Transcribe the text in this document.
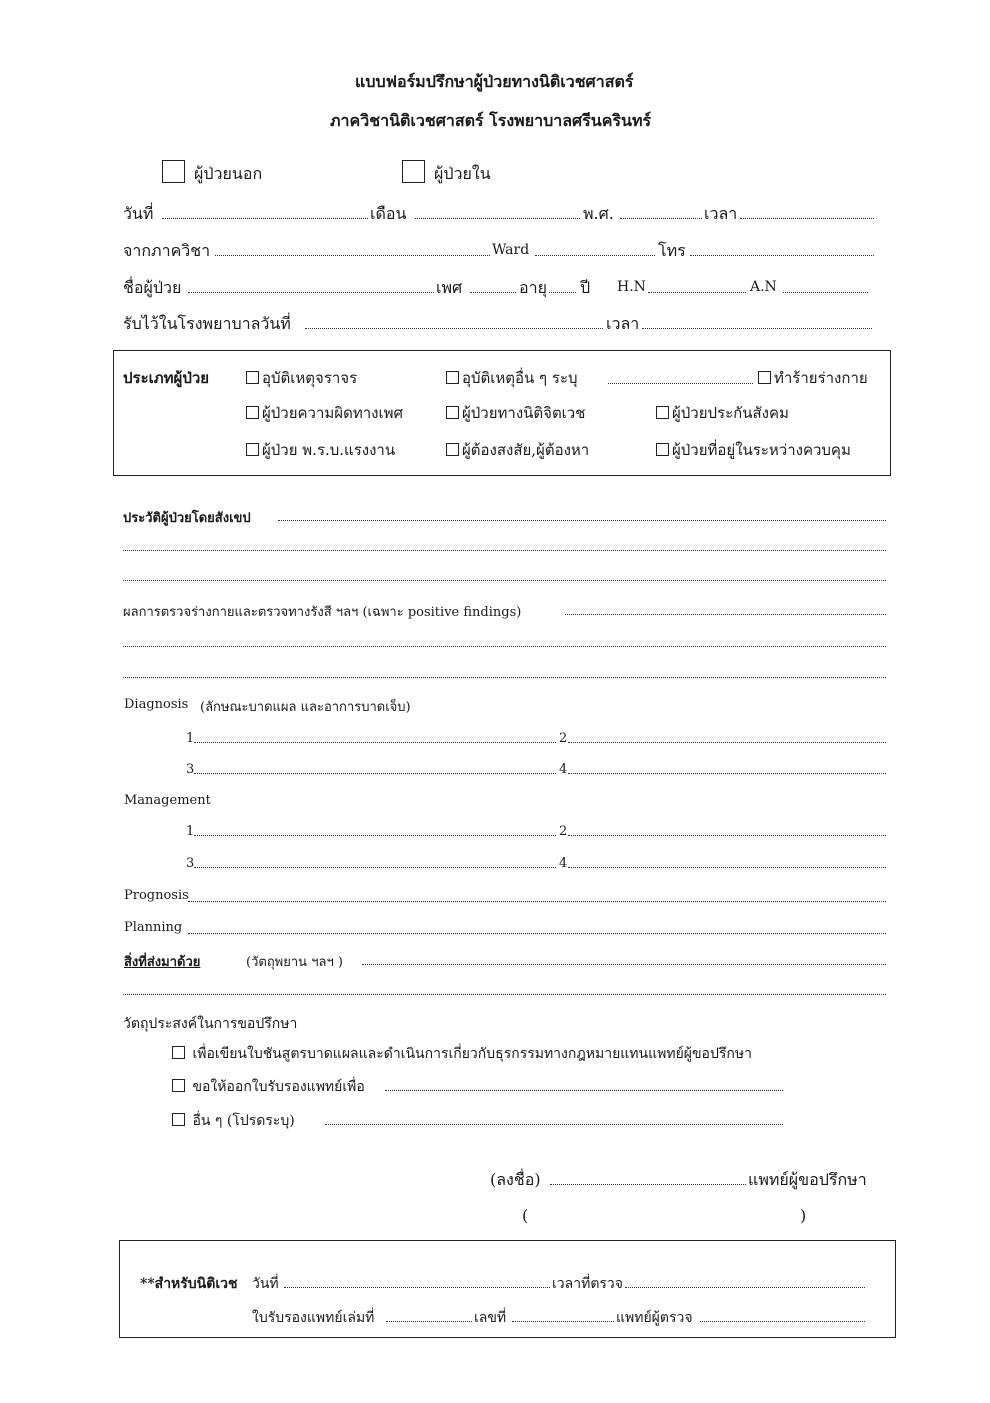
แบบฟอร์มปรึกษาผู้ป่วยทางนิติเวชศาสตร์
ภาควิชานิติเวชศาสตร์ โรงพยาบาลศรีนครินทร์
ผู้ป่วยนอก	ผู้ป่วยใน
วันที่	เดือน	พ.ศ.	เวลา
จากภาควิชา	Ward	โทร
ชื่อผู้ป่วย	เพศ	อายุ ปี H.N	A.N
รับไว้ในโรงพยาบาลวันที่	เวลา
ประเภทผู้ป่วย	อุบัติเหตุจราจร	อุบัติเหตุอื่น ๆ ระบุ	ทำร้ายร่างกาย
ผู้ป่วยความผิดทางเพศ	ผู้ป่วยทางนิติจิตเวช	ผู้ป่วยประกันสังคม
ผู้ป่วย พ.ร.บ.แรงงาน	ผู้ต้องสงสัย,ผู้ต้องหา	ผู้ป่วยที่อยู่ในระหว่างควบคุม
ประวัติผู้ป่วยโดยสังเขป
ผลการตรวจร่างกายและตรวจทางรังสี ฯลฯ (เฉพาะ positive findings)
Diagnosis (ลักษณะบาดแผล และอาการบาดเจ็บ)
1	2
3	4
Management
1	2
3	4
Prognosis
Planning
สิ่งที่ส่งมาด้วย	(วัตถุพยาน ฯลฯ )
วัตถุประสงค์ในการขอปรึกษา
เพื่อเขียนใบชันสูตรบาดแผลและดำเนินการเกี่ยวกับธุรกรรมทางกฎหมายแทนแพทย์ผู้ขอปรึกษา
ขอให้ออกใบรับรองแพทย์เพื่อ
อื่น ๆ (โปรดระบุ)
(ลงชื่อ)	แพทย์ผู้ขอปรึกษา
(	)
**สำหรับนิติเวช วันที่	เวลาที่ตรวจ
ใบรับรองแพทย์เล่มที่	เลขที่	แพทย์ผู้ตรวจ
